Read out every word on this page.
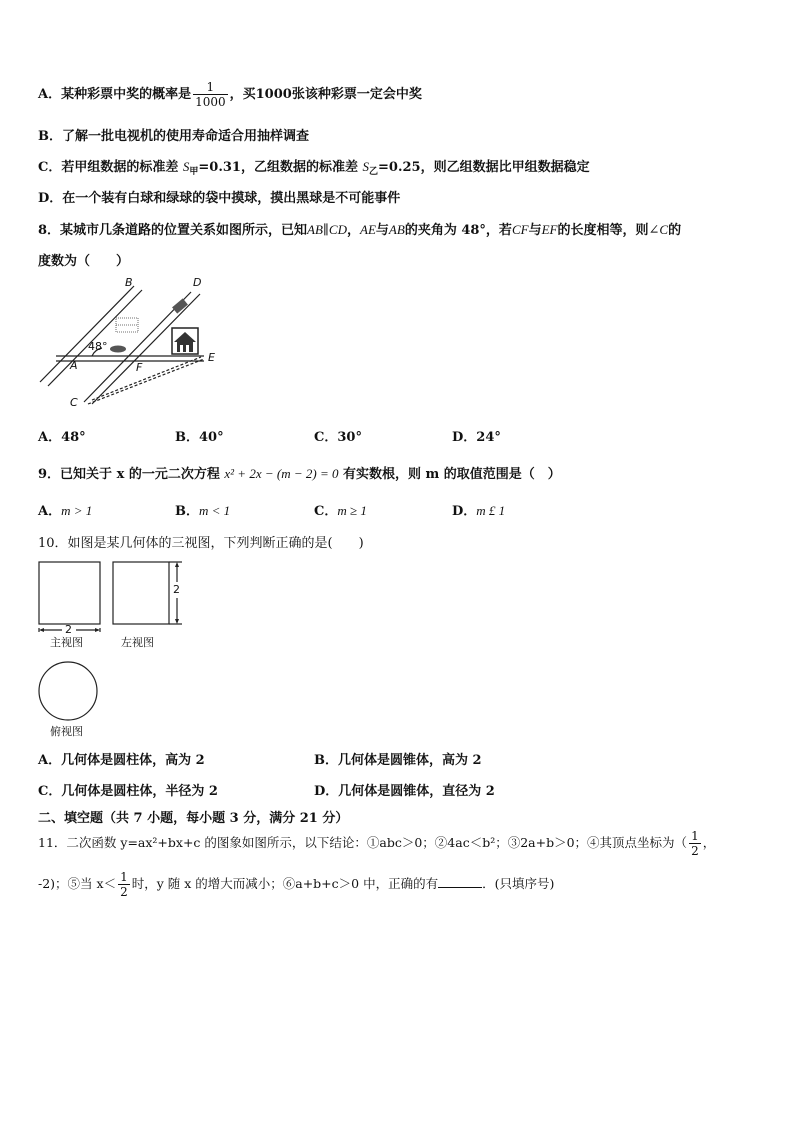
A．某种彩票中奖的概率是 $\frac{1}{1000}$ ，买1000张该种彩票一定会中奖
B．了解一批电视机的使用寿命适合用抽样调查
C．若甲组数据的标准差 $S_甲=0.31$，乙组数据的标准差 $S_乙=0.25$，则乙组数据比甲组数据稳定
D．在一个装有白球和绿球的袋中摸球，摸出黑球是不可能事件
8．某城市几条道路的位置关系如图所示，已知AB∥CD，AE与AB的夹角为 48°，若CF与EF的长度相等，则∠C的
度数为（　　）
B	D
48°
A	F
E
C
A．48°	B．40°	C．30°	D．24°
9．已知关于 x 的一元二次方程 x² + 2x − (m − 2) = 0 有实数根，则 m 的取值范围是（　）
A．m > 1	B．m < 1	C．m ≥ 1	D．m £ 1
10．如图是某几何体的三视图，下列判断正确的是(　　)
2
2
主视图	左视图
俯视图
A．几何体是圆柱体，高为 2	B．几何体是圆锥体，高为 2
C．几何体是圆柱体，半径为 2	D．几何体是圆锥体，直径为 2
二、填空题（共 7 小题，每小题 3 分，满分 21 分）
11．二次函数 y=ax²+bx+c 的图象如图所示，以下结论：①abc＞0；②4ac＜b²；③2a+b＞0；④其顶点坐标为（ $\frac{1}{2}$ ，
-2)；⑤当 $x< \frac{1}{2}$ 时，y 随 x 的增大而减小；⑥a+b+c＞0 中，正确的有	．(只填序号)
